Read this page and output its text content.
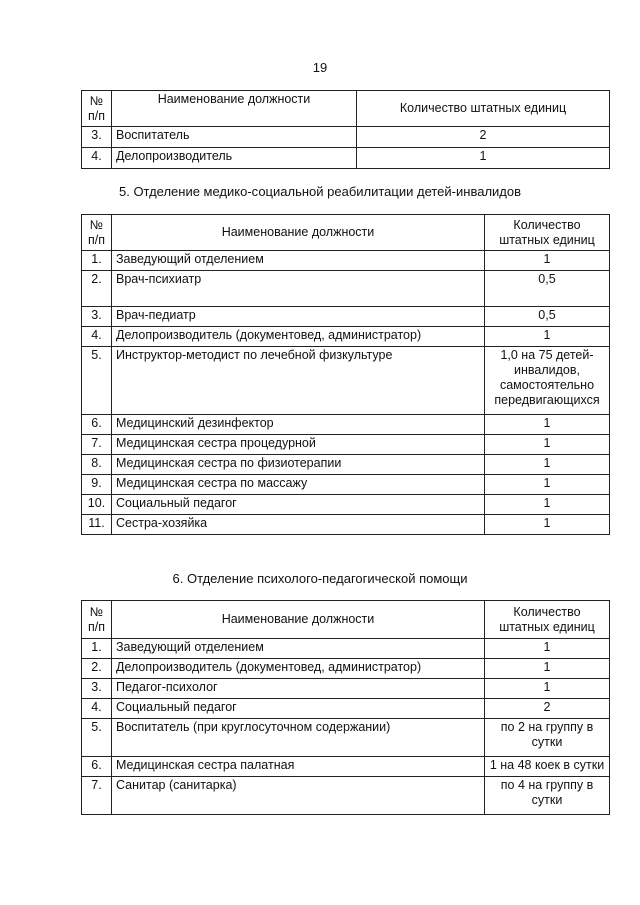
19
№ п/п	Наименование должности	Количество штатных единиц
3.	Воспитатель	2
4.	Делопроизводитель	1
5. Отделение медико-социальной реабилитации детей-инвалидов
№ п/п	Наименование должности	Количество штатных единиц
1.	Заведующий отделением	1
2.	Врач-психиатр	0,5
3.	Врач-педиатр	0,5
4.	Делопроизводитель (документовед, администратор)	1
5.	Инструктор-методист по лечебной физкультуре	1,0 на 75 детей-инвалидов, самостоятельно передвигающихся
6.	Медицинский дезинфектор	1
7.	Медицинская сестра процедурной	1
8.	Медицинская сестра по физиотерапии	1
9.	Медицинская сестра по массажу	1
10.	Социальный педагог	1
11.	Сестра-хозяйка	1
6. Отделение психолого-педагогической помощи
№ п/п	Наименование должности	Количество штатных единиц
1.	Заведующий отделением	1
2.	Делопроизводитель (документовед, администратор)	1
3.	Педагог-психолог	1
4.	Социальный педагог	2
5.	Воспитатель (при круглосуточном содержании)	по 2 на группу в сутки
6.	Медицинская сестра палатная	1 на 48 коек в сутки
7.	Санитар (санитарка)	по 4 на группу в сутки
